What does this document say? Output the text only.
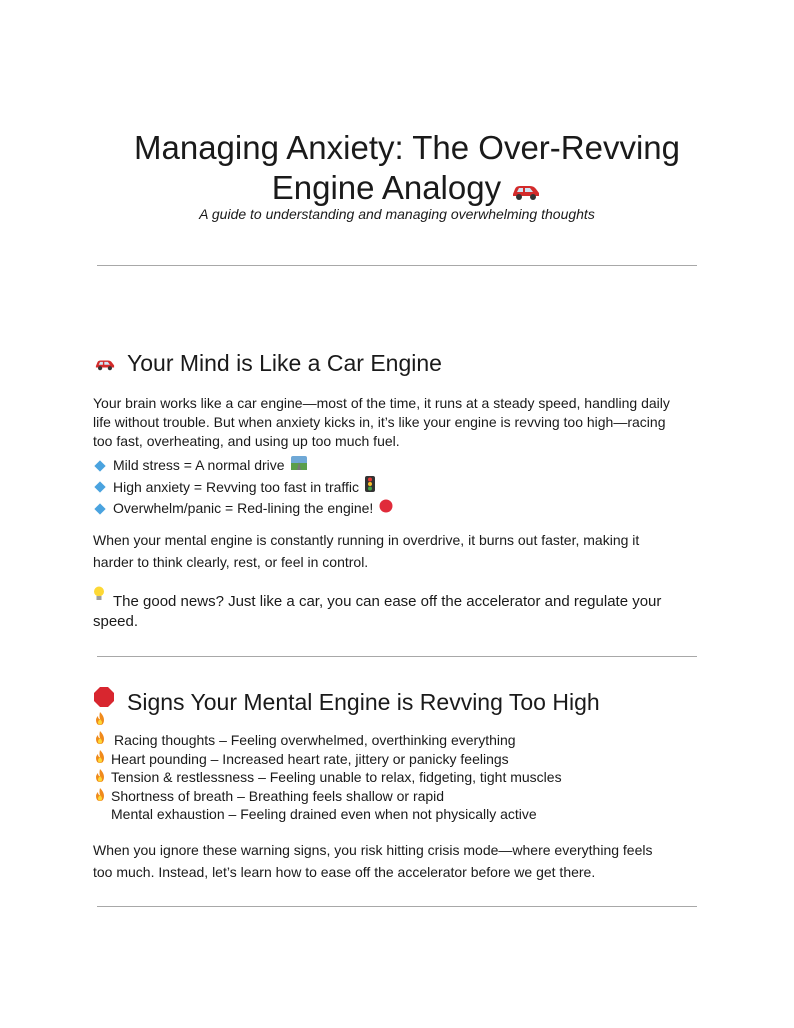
Managing Anxiety: The Over-Revving
Engine Analogy

A guide to understanding and managing overwhelming thoughts

Your Mind is Like a Car Engine

Your brain works like a car engine—most of the time, it runs at a steady speed, handling daily life without trouble. But when anxiety kicks in, it’s like your engine is revving too high—racing too fast, overheating, and using up too much fuel.

Mild stress = A normal drive
High anxiety = Revving too fast in traffic
Overwhelm/panic = Red-lining the engine!

When your mental engine is constantly running in overdrive, it burns out faster, making it harder to think clearly, rest, or feel in control.

The good news? Just like a car, you can ease off the accelerator and regulate your speed.

Signs Your Mental Engine is Revving Too High
Racing thoughts – Feeling overwhelmed, overthinking everything
Heart pounding – Increased heart rate, jittery or panicky feelings
Tension & restlessness – Feeling unable to relax, fidgeting, tight muscles
Shortness of breath – Breathing feels shallow or rapid
Mental exhaustion – Feeling drained even when not physically active

When you ignore these warning signs, you risk hitting crisis mode—where everything feels too much. Instead, let’s learn how to ease off the accelerator before we get there.
